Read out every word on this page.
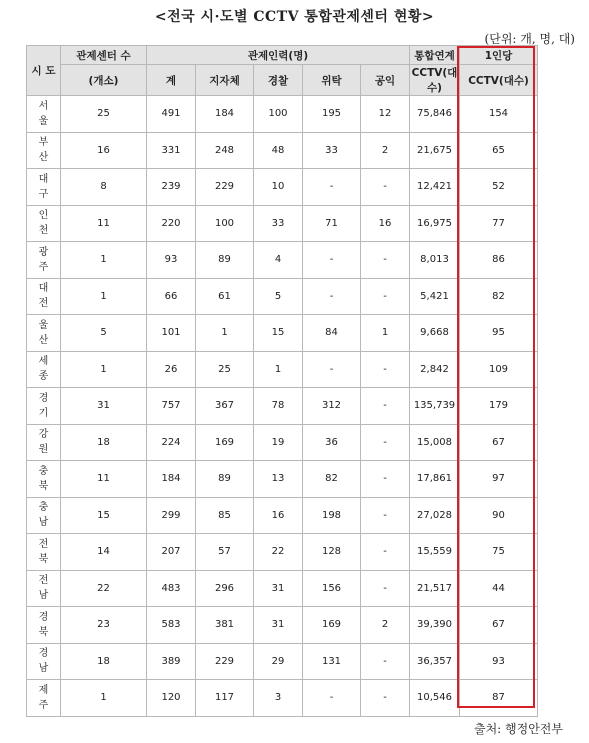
<전국 시·도별 CCTV 통합관제센터 현황>
(단위: 개, 명, 대)
시 도	관제센터 수	관제인력(명)					통합연계	1인당
	(개소)	계	지자체	경찰	위탁	공익	CCTV(대수)	CCTV(대수)
서
울	25	491	184	100	195	12	75,846	154
부
산	16	331	248	48	33	2	21,675	65
대
구	8	239	229	10	-	-	12,421	52
인
천	11	220	100	33	71	16	16,975	77
광
주	1	93	89	4	-	-	8,013	86
대
전	1	66	61	5	-	-	5,421	82
울
산	5	101	1	15	84	1	9,668	95
세
종	1	26	25	1	-	-	2,842	109
경
기	31	757	367	78	312	-	135,739	179
강
원	18	224	169	19	36	-	15,008	67
충
북	11	184	89	13	82	-	17,861	97
충
남	15	299	85	16	198	-	27,028	90
전
북	14	207	57	22	128	-	15,559	75
전
남	22	483	296	31	156	-	21,517	44
경
북	23	583	381	31	169	2	39,390	67
경
남	18	389	229	29	131	-	36,357	93
제
주	1	120	117	3	-	-	10,546	87
출처: 행정안전부
